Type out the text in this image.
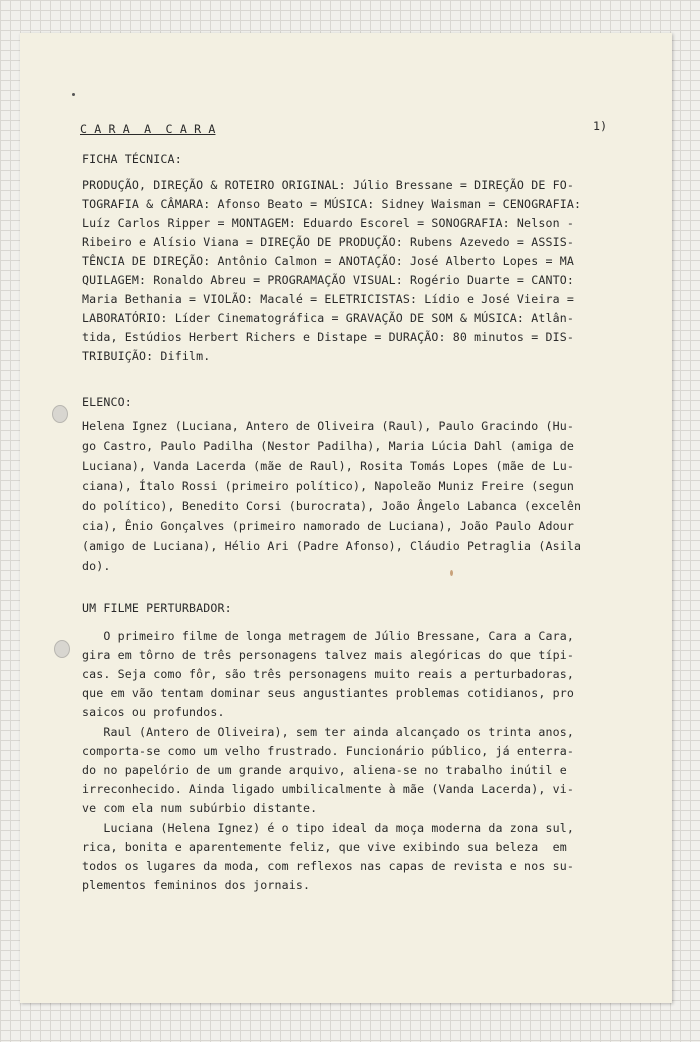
C A R A  A  C A R A	1)
FICHA TÉCNICA:
PRODUÇÃO, DIREÇÃO & ROTEIRO ORIGINAL: Júlio Bressane = DIREÇÃO DE FO-
TOGRAFIA & CÂMARA: Afonso Beato = MÚSICA: Sidney Waisman = CENOGRAFIA:
Luíz Carlos Ripper = MONTAGEM: Eduardo Escorel = SONOGRAFIA: Nelson -
Ribeiro e Alísio Viana = DIREÇÃO DE PRODUÇÃO: Rubens Azevedo = ASSIS-
TÊNCIA DE DIREÇÃO: Antônio Calmon = ANOTAÇÃO: José Alberto Lopes = MA
QUILAGEM: Ronaldo Abreu = PROGRAMAÇÃO VISUAL: Rogério Duarte = CANTO:
Maria Bethania = VIOLÃO: Macalé = ELETRICISTAS: Lídio e José Vieira =
LABORATÓRIO: Líder Cinematográfica = GRAVAÇÃO DE SOM & MÚSICA: Atlân-
tida, Estúdios Herbert Richers e Distape = DURAÇÃO: 80 minutos = DIS-
TRIBUIÇÃO: Difilm.
ELENCO:
Helena Ignez (Luciana, Antero de Oliveira (Raul), Paulo Gracindo (Hu-
go Castro, Paulo Padilha (Nestor Padilha), Maria Lúcia Dahl (amiga de
Luciana), Vanda Lacerda (mãe de Raul), Rosita Tomás Lopes (mãe de Lu-
ciana), Ítalo Rossi (primeiro político), Napoleão Muniz Freire (segun
do político), Benedito Corsi (burocrata), João Ângelo Labanca (excelên
cia), Ênio Gonçalves (primeiro namorado de Luciana), João Paulo Adour
(amigo de Luciana), Hélio Ari (Padre Afonso), Cláudio Petraglia (Asila
do).
UM FILME PERTURBADOR:
O primeiro filme de longa metragem de Júlio Bressane, Cara a Cara,
gira em tôrno de três personagens talvez mais alegóricas do que típi-
cas. Seja como fôr, são três personagens muito reais a perturbadoras,
que em vão tentam dominar seus angustiantes problemas cotidianos, pro
saicos ou profundos.
Raul (Antero de Oliveira), sem ter ainda alcançado os trinta anos,
comporta-se como um velho frustrado. Funcionário público, já enterra-
do no papelório de um grande arquivo, aliena-se no trabalho inútil e
irreconhecido. Ainda ligado umbilicalmente à mãe (Vanda Lacerda), vi-
ve com ela num subúrbio distante.
Luciana (Helena Ignez) é o tipo ideal da moça moderna da zona sul,
rica, bonita e aparentemente feliz, que vive exibindo sua beleza  em
todos os lugares da moda, com reflexos nas capas de revista e nos su-
plementos femininos dos jornais.
